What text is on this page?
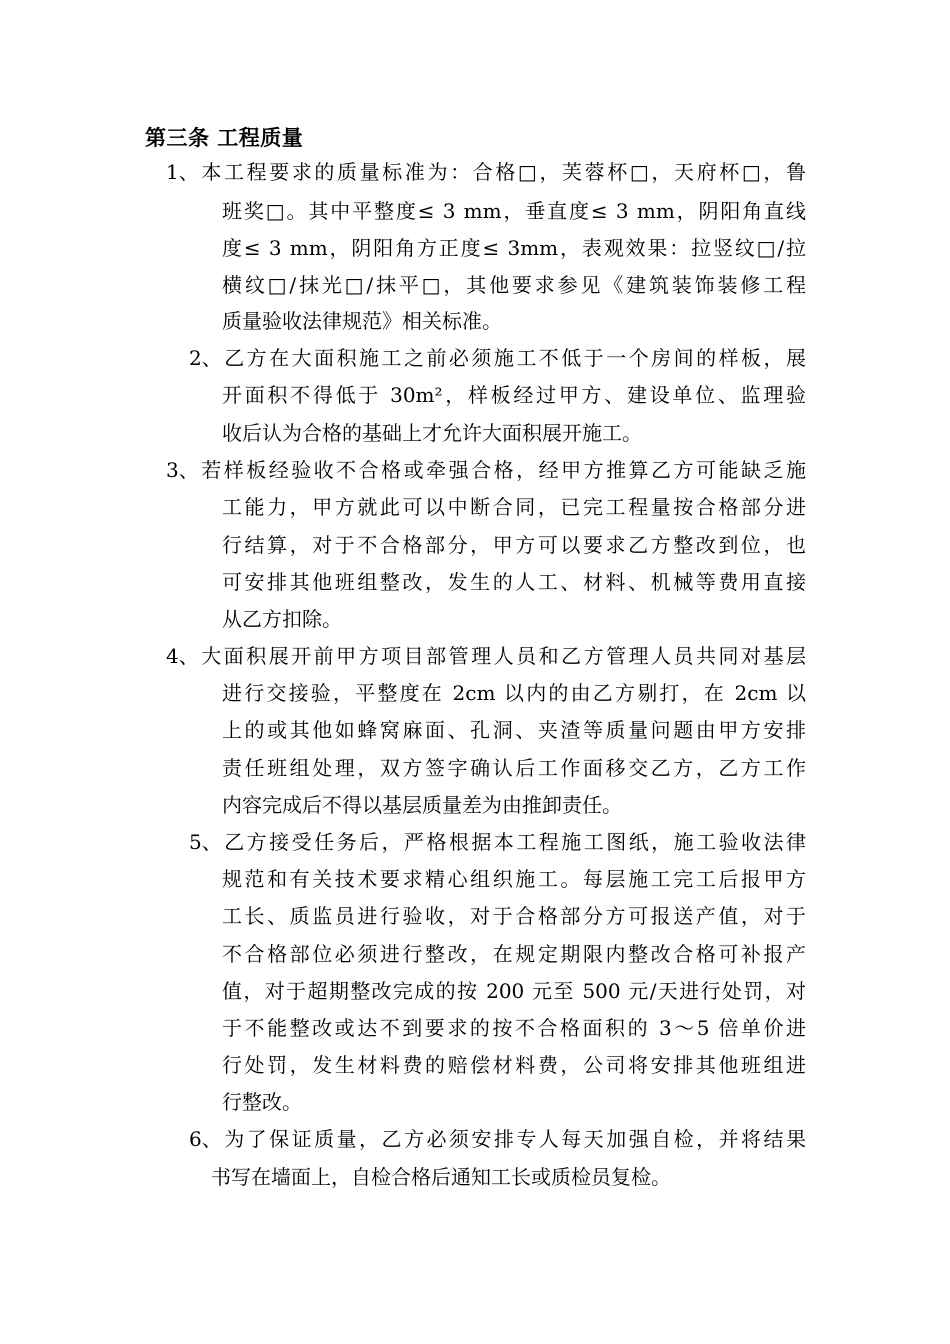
第三条 工程质量
1、本工程要求的质量标准为：合格□，芙蓉杯□，天府杯□，鲁
班奖□。其中平整度≤ 3 mm，垂直度≤ 3 mm，阴阳角直线
度≤ 3 mm，阴阳角方正度≤ 3mm，表观效果：拉竖纹□/拉
横纹□/抹光□/抹平□，其他要求参见《建筑装饰装修工程
质量验收法律规范》相关标准。
2、乙方在大面积施工之前必须施工不低于一个房间的样板，展
开面积不得低于 30m²，样板经过甲方、建设单位、监理验
收后认为合格的基础上才允许大面积展开施工。
3、若样板经验收不合格或牵强合格，经甲方推算乙方可能缺乏施
工能力，甲方就此可以中断合同，已完工程量按合格部分进
行结算，对于不合格部分，甲方可以要求乙方整改到位，也
可安排其他班组整改，发生的人工、材料、机械等费用直接
从乙方扣除。
4、大面积展开前甲方项目部管理人员和乙方管理人员共同对基层
进行交接验，平整度在 2cm 以内的由乙方剔打，在 2cm 以
上的或其他如蜂窝麻面、孔洞、夹渣等质量问题由甲方安排
责任班组处理，双方签字确认后工作面移交乙方，乙方工作
内容完成后不得以基层质量差为由推卸责任。
5、乙方接受任务后，严格根据本工程施工图纸，施工验收法律
规范和有关技术要求精心组织施工。每层施工完工后报甲方
工长、质监员进行验收，对于合格部分方可报送产值，对于
不合格部位必须进行整改，在规定期限内整改合格可补报产
值，对于超期整改完成的按 200 元至 500 元/天进行处罚，对
于不能整改或达不到要求的按不合格面积的 3～5 倍单价进
行处罚，发生材料费的赔偿材料费，公司将安排其他班组进
行整改。
6、为了保证质量，乙方必须安排专人每天加强自检，并将结果
书写在墙面上，自检合格后通知工长或质检员复检。
